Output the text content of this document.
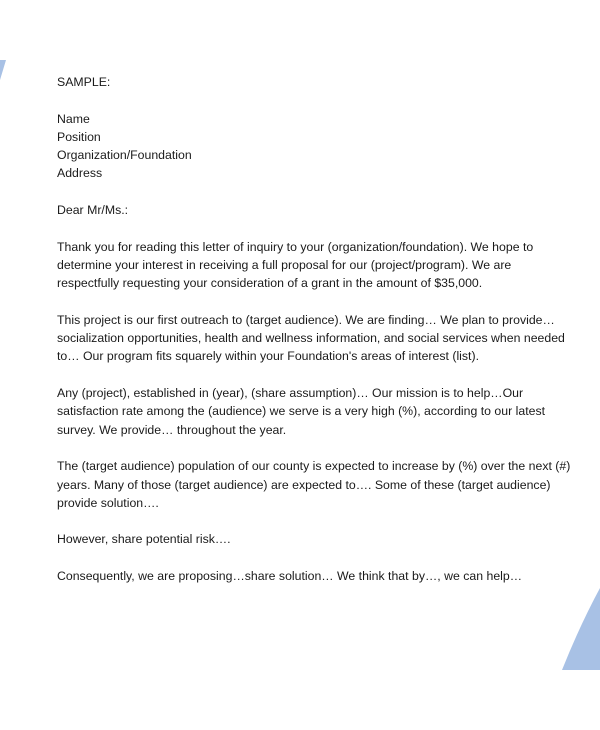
SAMPLE:
Name
Position
Organization/Foundation
Address
Dear Mr/Ms.:
Thank you for reading this letter of inquiry to your (organization/foundation). We hope to
determine your interest in receiving a full proposal for our (project/program). We are
respectfully requesting your consideration of a grant in the amount of $35,000.
This project is our first outreach to (target audience). We are finding… We plan to provide…
socialization opportunities, health and wellness information, and social services when needed
to… Our program fits squarely within your Foundation's areas of interest (list).
Any (project), established in (year), (share assumption)… Our mission is to help…Our
satisfaction rate among the (audience) we serve is a very high (%), according to our latest
survey. We provide… throughout the year.
The (target audience) population of our county is expected to increase by (%) over the next (#)
years. Many of those (target audience) are expected to…. Some of these (target audience)
provide solution….
However, share potential risk….
Consequently, we are proposing…share solution… We think that by…, we can help…
